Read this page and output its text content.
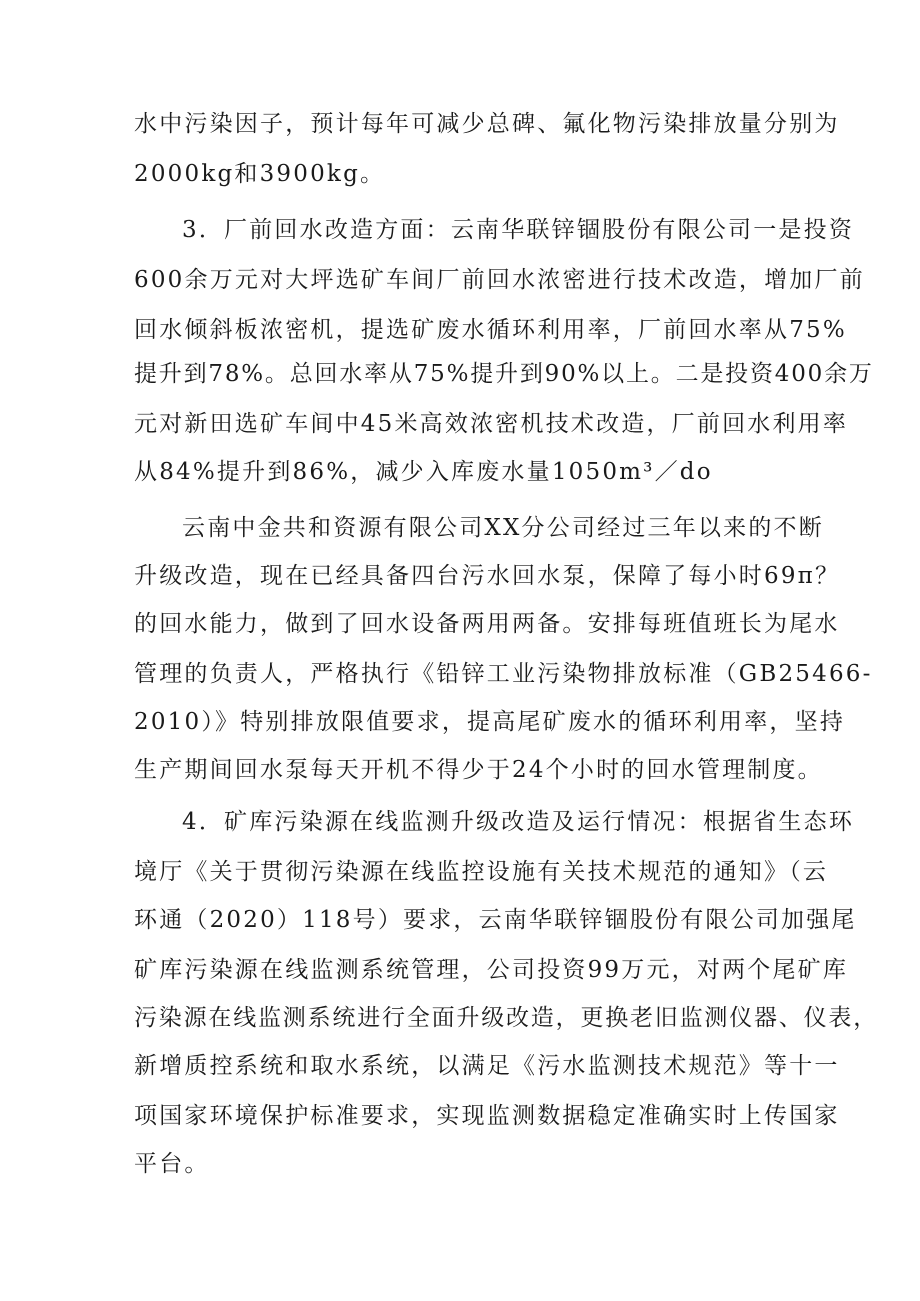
水中污染因子，预计每年可减少总碑、氟化物污染排放量分别为
2000kg和3900kg。
3．厂前回水改造方面：云南华联锌锢股份有限公司一是投资
600余万元对大坪选矿车间厂前回水浓密进行技术改造，增加厂前
回水倾斜板浓密机，提选矿废水循环利用率，厂前回水率从75%
提升到78%。总回水率从75%提升到90%以上。二是投资400余万
元对新田选矿车间中45米高效浓密机技术改造，厂前回水利用率
从84%提升到86%，减少入库废水量1050m³／do
云南中金共和资源有限公司XX分公司经过三年以来的不断
升级改造，现在已经具备四台污水回水泵，保障了每小时69π？
的回水能力，做到了回水设备两用两备。安排每班值班长为尾水
管理的负责人，严格执行《铅锌工业污染物排放标准（GB25466-
2010）》特别排放限值要求，提高尾矿废水的循环利用率，坚持
生产期间回水泵每天开机不得少于24个小时的回水管理制度。
4．矿库污染源在线监测升级改造及运行情况：根据省生态环
境厅《关于贯彻污染源在线监控设施有关技术规范的通知》（云
环通（2020）118号）要求，云南华联锌锢股份有限公司加强尾
矿库污染源在线监测系统管理，公司投资99万元，对两个尾矿库
污染源在线监测系统进行全面升级改造，更换老旧监测仪器、仪表，
新增质控系统和取水系统，以满足《污水监测技术规范》等十一
项国家环境保护标准要求，实现监测数据稳定准确实时上传国家
平台。
